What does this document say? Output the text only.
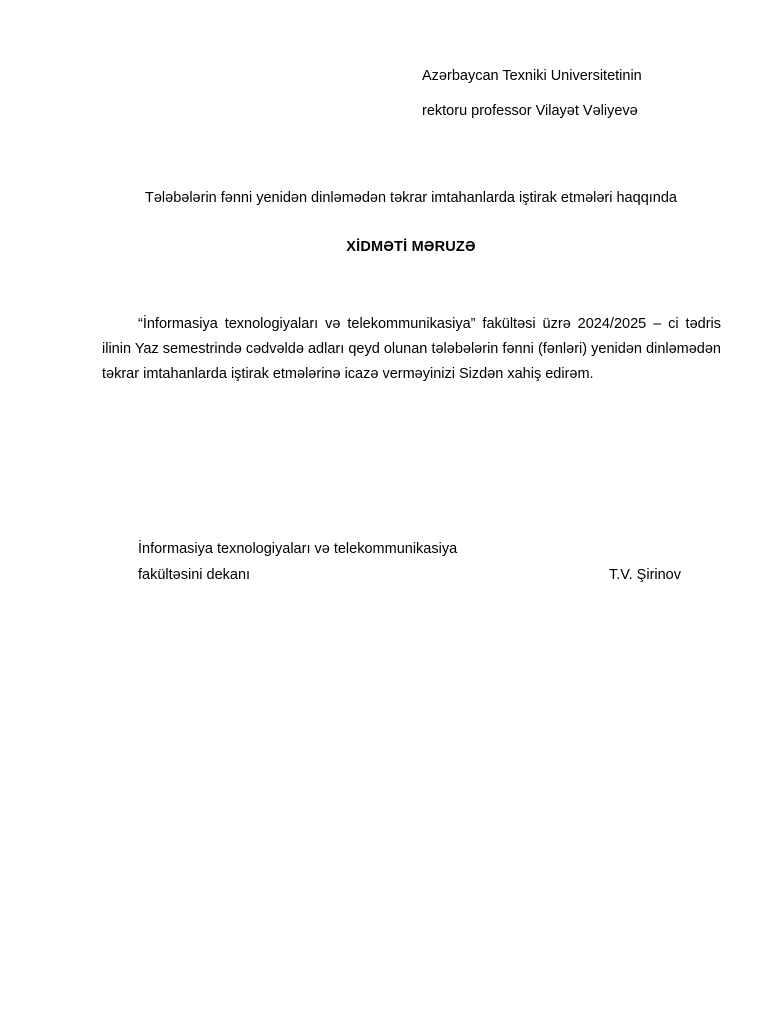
Azərbaycan Texniki Universitetinin
rektoru professor Vilayət Vəliyevə
Tələbələrin fənni yenidən dinləmədən təkrar imtahanlarda iştirak etmələri haqqında
XİDMƏTİ MƏRUZƏ

“İnformasiya texnologiyaları və telekommunikasiya” fakültəsi üzrə 2024/2025 – ci tədris ilinin Yaz semestrində cədvəldə adları qeyd olunan tələbələrin fənni (fənləri) yenidən dinləmədən təkrar imtahanlarda iştirak etmələrinə icazə verməyinizi Sizdən xahiş edirəm.

İnformasiya texnologiyaları və telekommunikasiya
fakültəsini dekanı	T.V. Şirinov
